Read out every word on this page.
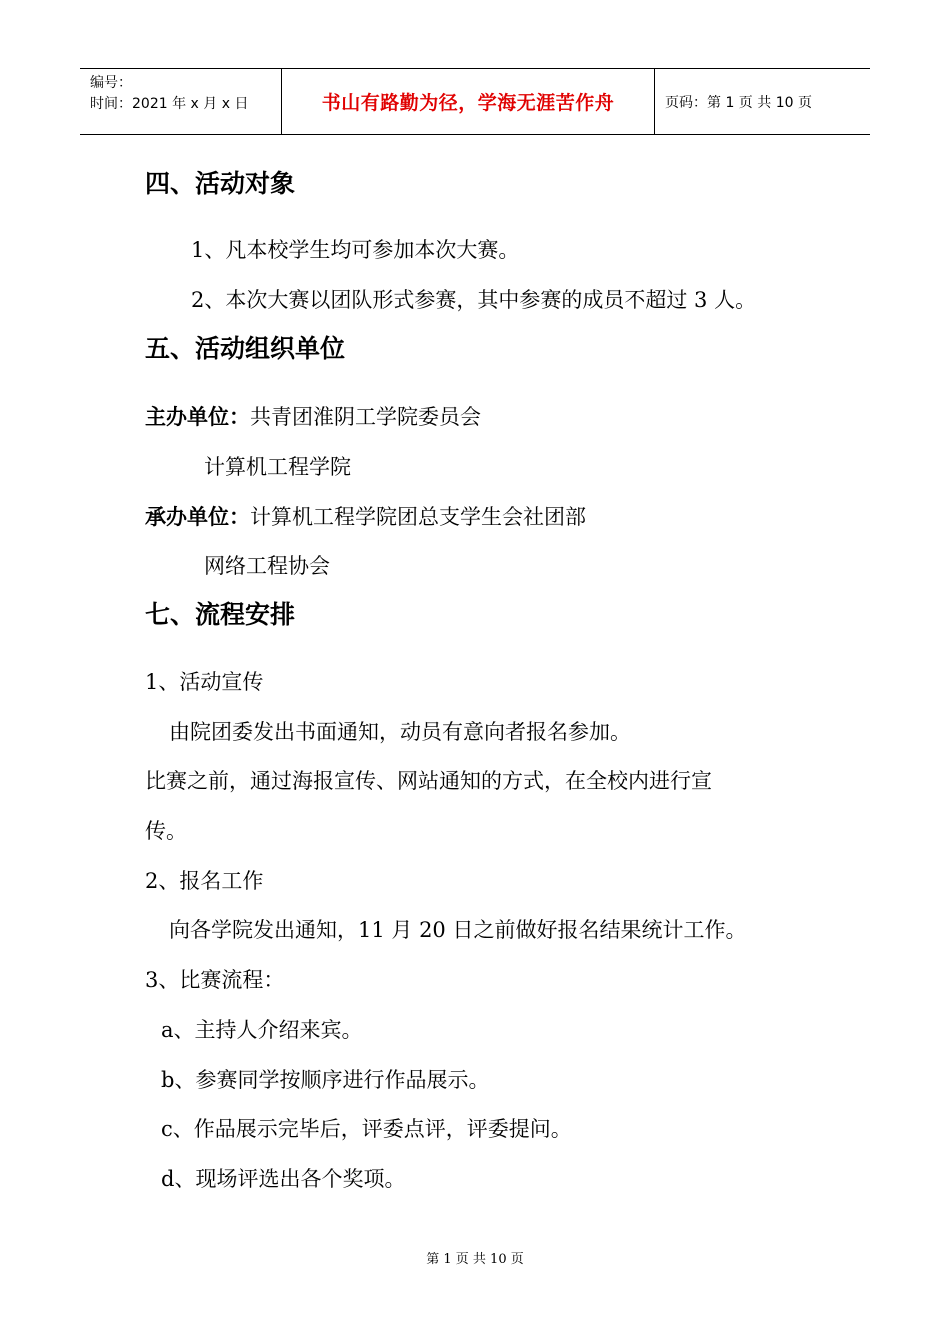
编号：
时间：2021 年 x 月 x 日	书山有路勤为径，学海无涯苦作舟	页码：第 1 页 共 10 页
四、活动对象
1、凡本校学生均可参加本次大赛。
2、本次大赛以团队形式参赛，其中参赛的成员不超过 3 人。
五、活动组织单位
主办单位：共青团淮阴工学院委员会
计算机工程学院
承办单位：计算机工程学院团总支学生会社团部
网络工程协会
七、流程安排
1、活动宣传
由院团委发出书面通知，动员有意向者报名参加。
比赛之前，通过海报宣传、网站通知的方式，在全校内进行宣
传。
2、报名工作
向各学院发出通知，11 月 20 日之前做好报名结果统计工作。
3、比赛流程：
a、主持人介绍来宾。
b、参赛同学按顺序进行作品展示。
c、作品展示完毕后，评委点评，评委提问。
d、现场评选出各个奖项。
第 1 页 共 10 页
